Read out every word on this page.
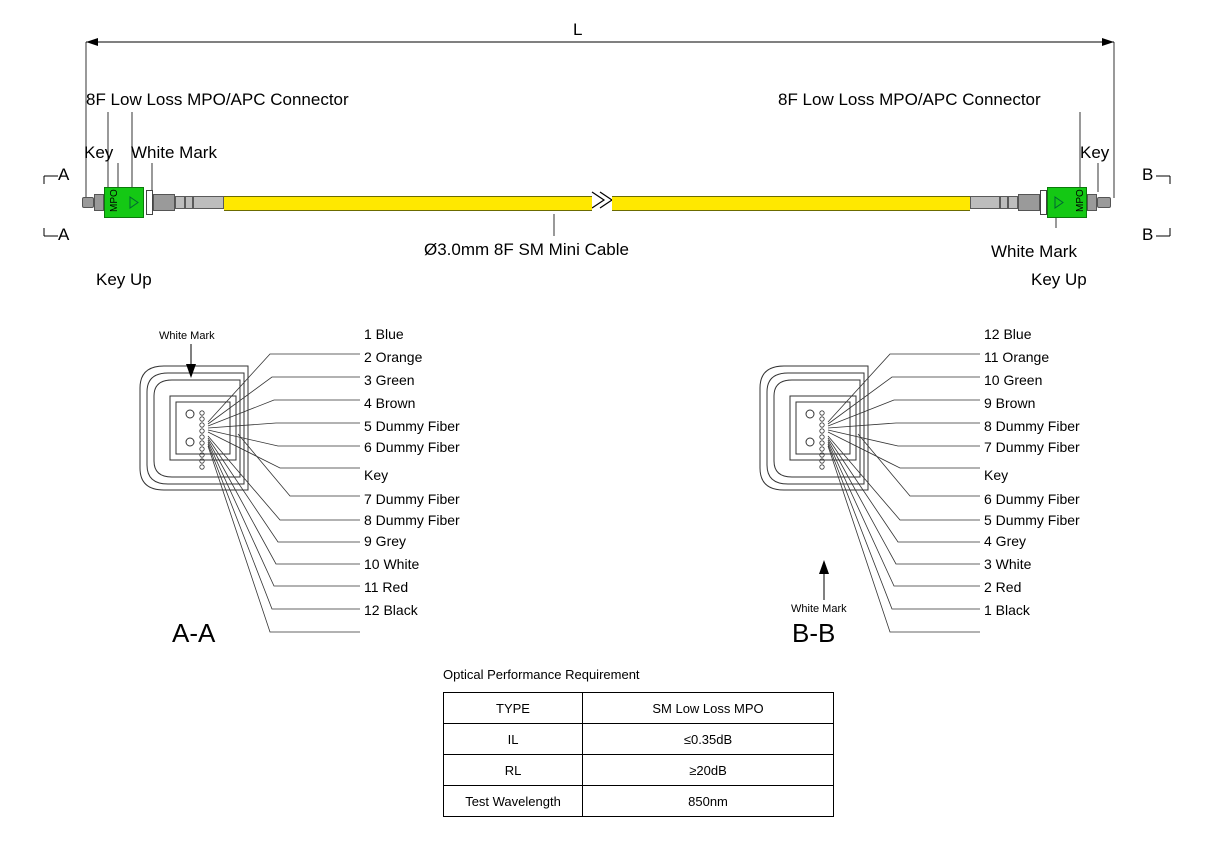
MPO	MPO
L
8F Low Loss MPO/APC Connector	8F Low Loss MPO/APC Connector
Key White Mark	Key
White Mark
A
A
B
B
Ø3.0mm 8F SM Mini Cable
Key Up	Key Up
White Mark	1 Blue
2 Orange
3 Green
4 Brown
5 Dummy Fiber
6 Dummy Fiber
Key
7 Dummy Fiber
8 Dummy Fiber
9 Grey
10 White
11 Red
12 Black
A-A
White Mark
12 Blue
11 Orange
10 Green
9 Brown
8 Dummy Fiber
7 Dummy Fiber
Key
6 Dummy Fiber
5 Dummy Fiber
4 Grey
3 White
2 Red
1 Black
B-B
Optical Performance Requirement
TYPE	SM Low Loss MPO
IL	≤0.35dB
RL	≥20dB
Test Wavelength	850nm
